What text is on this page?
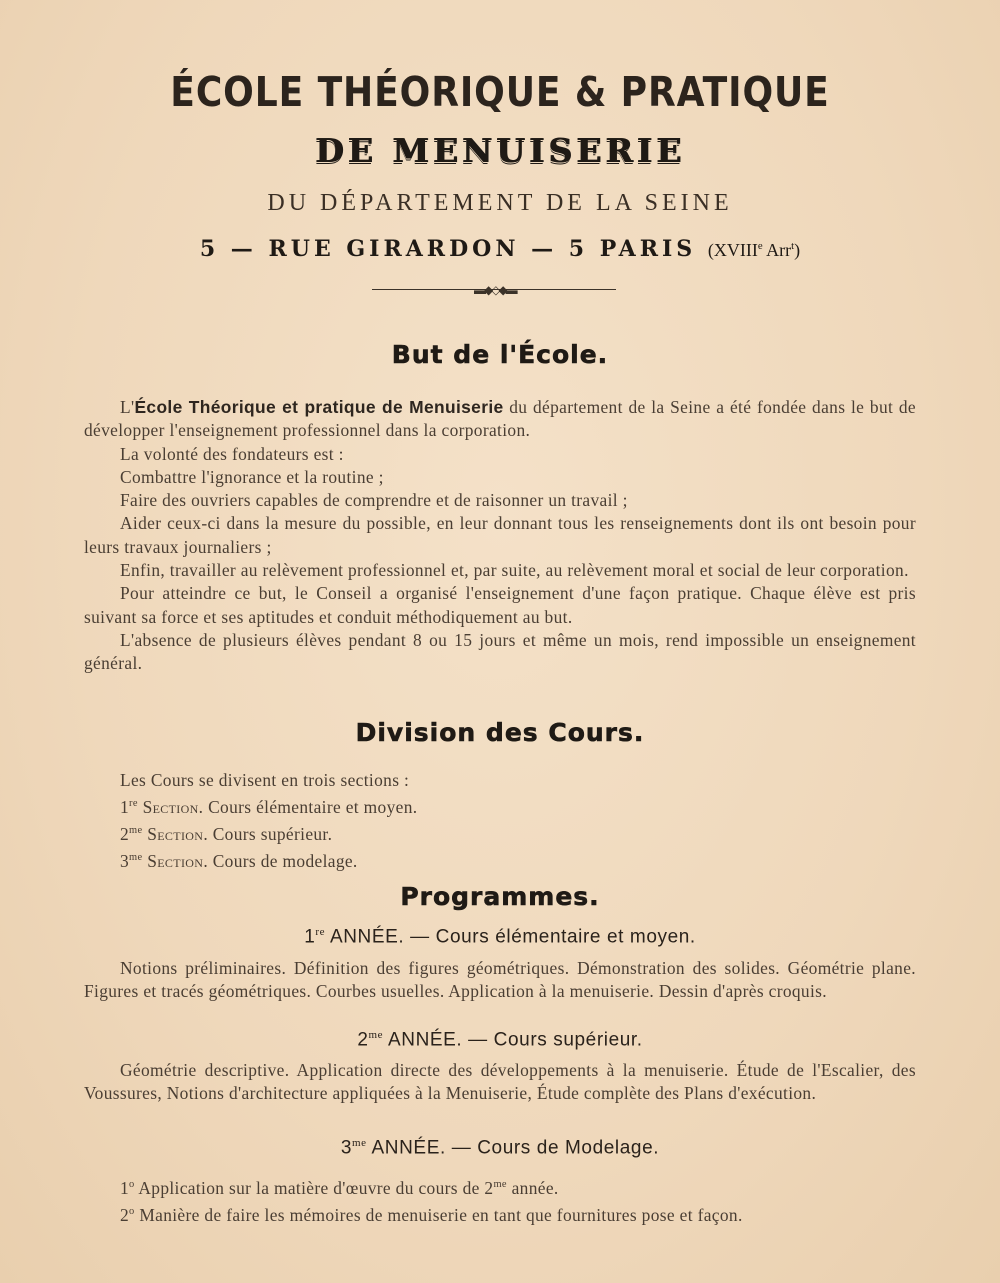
ÉCOLE THÉORIQUE & PRATIQUE
DE MENUISERIE
DU DÉPARTEMENT DE LA SEINE
5 — RUE GIRARDON — 5 PARIS (XVIIIe Arr$^t$)
▬◆◇◆▬
But de l'École.

L'École Théorique et pratique de Menuiserie du département de la Seine a été fondée dans le but de développer l'enseignement professionnel dans la corporation.

La volonté des fondateurs est :

Combattre l'ignorance et la routine ;

Faire des ouvriers capables de comprendre et de raisonner un travail ;

Aider ceux-ci dans la mesure du possible, en leur donnant tous les renseignements dont ils ont besoin pour leurs travaux journaliers ;

Enfin, travailler au relèvement professionnel et, par suite, au relèvement moral et social de leur corporation.

Pour atteindre ce but, le Conseil a organisé l'enseignement d'une façon pratique. Chaque élève est pris suivant sa force et ses aptitudes et conduit méthodiquement au but.

L'absence de plusieurs élèves pendant 8 ou 15 jours et même un mois, rend impossible un enseignement général.

Division des Cours.

Les Cours se divisent en trois sections :

1re Section. Cours élémentaire et moyen.

$2^{me}$ Section. Cours supérieur.

$3^{me}$ Section. Cours de modelage.

Programmes.
1re ANNÉE. — Cours élémentaire et moyen.

Notions préliminaires. Définition des figures géométriques. Démonstration des solides. Géométrie plane. Figures et tracés géométriques. Courbes usuelles. Application à la menuiserie. Dessin d'après croquis.

$2^{me}$ ANNÉE. — Cours supérieur.

Géométrie descriptive. Application directe des développements à la menuiserie. Étude de l'Escalier, des Voussures, Notions d'architecture appliquées à la Menuiserie, Étude complète des Plans d'exécution.

$3^{me}$ ANNÉE. — Cours de Modelage.

1$^o$ Application sur la matière d'œuvre du cours de $2^{me}$ année.

2$^o$ Manière de faire les mémoires de menuiserie en tant que fournitures pose et façon.
